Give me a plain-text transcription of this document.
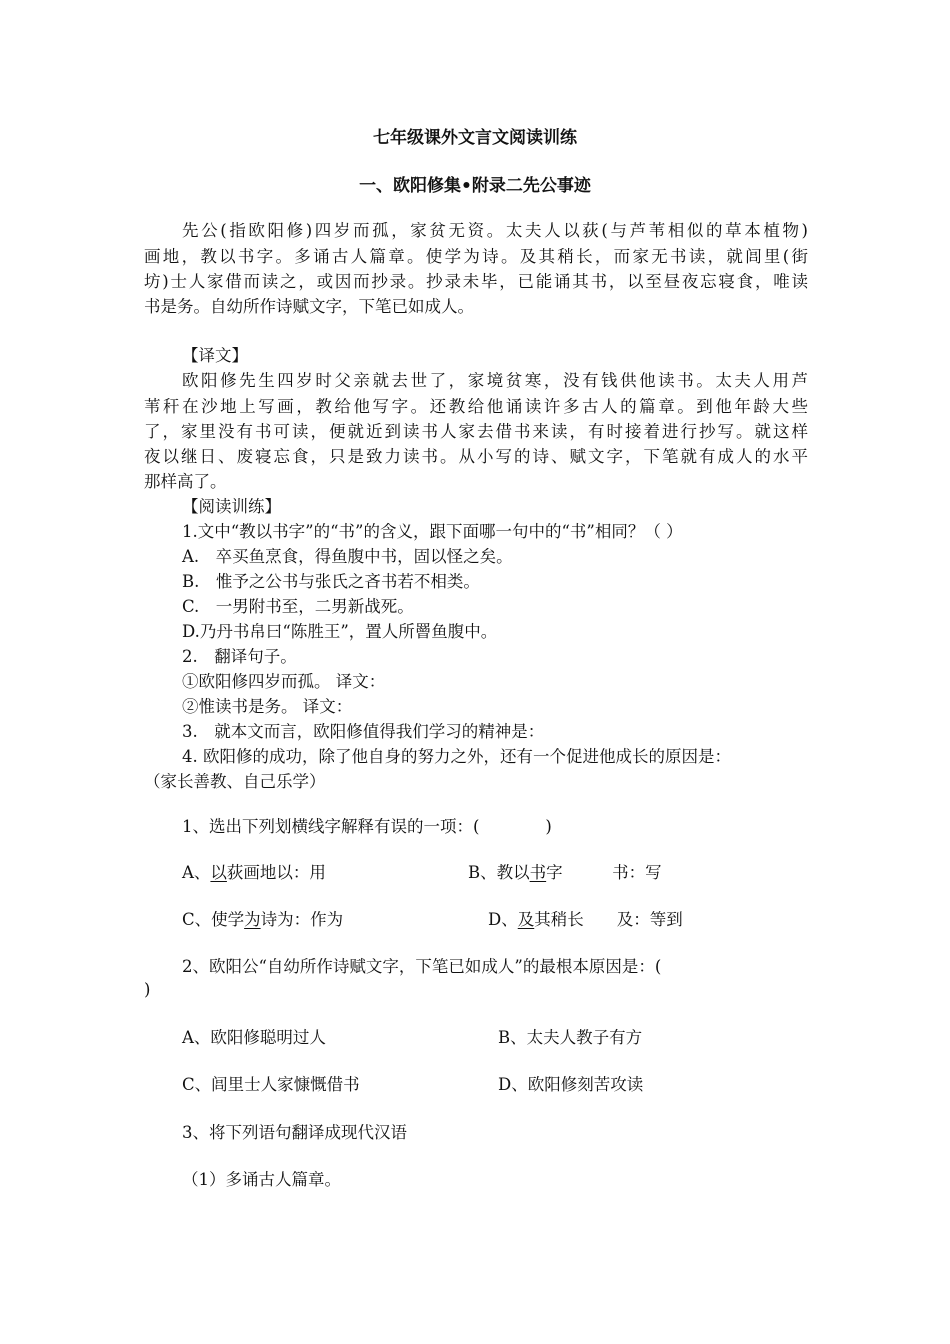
七年级课外文言文阅读训练
一、欧阳修集•附录二先公事迹
先公(指欧阳修)四岁而孤，家贫无资。太夫人以荻(与芦苇相似的草本植物)
画地，教以书字。多诵古人篇章。使学为诗。及其稍长，而家无书读，就闾里(街
坊)士人家借而读之，或因而抄录。抄录未毕，已能诵其书，以至昼夜忘寝食，唯读
书是务。自幼所作诗赋文字，下笔已如成人。
【译文】
欧阳修先生四岁时父亲就去世了，家境贫寒，没有钱供他读书。太夫人用芦
苇秆在沙地上写画，教给他写字。还教给他诵读许多古人的篇章。到他年龄大些
了，家里没有书可读，便就近到读书人家去借书来读，有时接着进行抄写。就这样
夜以继日、废寝忘食，只是致力读书。从小写的诗、赋文字，下笔就有成人的水平
那样高了。
【阅读训练】
1.文中“教以书字”的“书”的含义，跟下面哪一句中的“书”相同？（ ）
A.　卒买鱼烹食，得鱼腹中书，固以怪之矣。
B.　惟予之公书与张氏之吝书若不相类。
C.　一男附书至，二男新战死。
D.乃丹书帛曰“陈胜王”，置人所罾鱼腹中。
2.　翻译句子。
①欧阳修四岁而孤。 译文：
②惟读书是务。 译文：
3.　就本文而言，欧阳修值得我们学习的精神是：
4. 欧阳修的成功，除了他自身的努力之外，还有一个促进他成长的原因是：
（家长善教、自己乐学）
1、选出下列划横线字解释有误的一项：(　　　　)
A、以荻画地以：用	B、教以书字　　　书：写
C、使学为诗为：作为	D、及其稍长　　及：等到
2、欧阳公“自幼所作诗赋文字，下笔已如成人”的最根本原因是：(
)
A、欧阳修聪明过人	B、太夫人教子有方
C、闾里士人家慷慨借书	D、欧阳修刻苦攻读
3、将下列语句翻译成现代汉语
（1）多诵古人篇章。
